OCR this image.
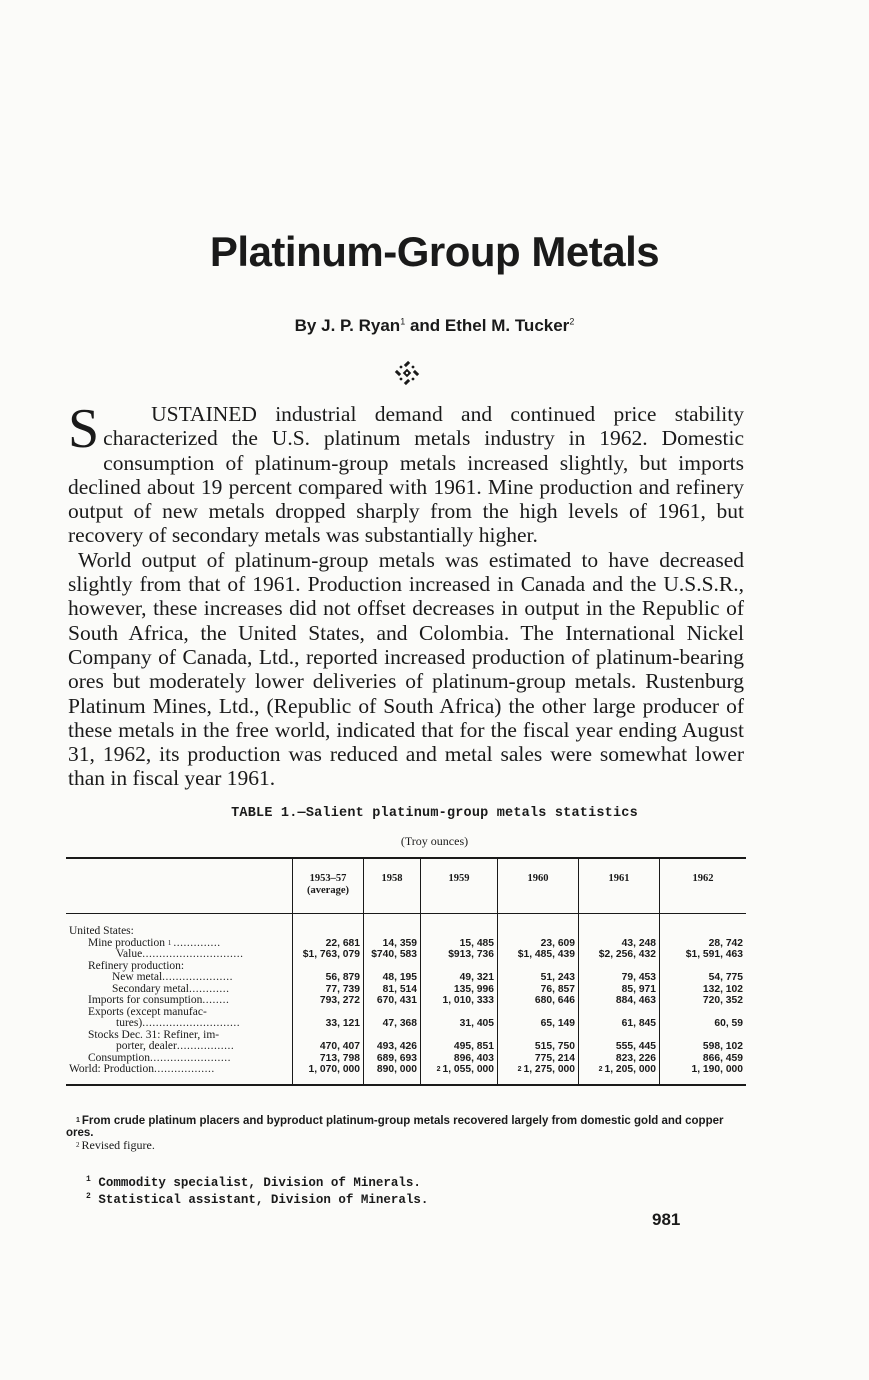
Platinum-Group Metals
By J. P. Ryan$^1$ and Ethel M. Tucker$^2$

S USTAINED industrial demand and continued price stability characterized the U.S. platinum metals industry in 1962. Domestic consumption of platinum-group metals increased slightly, but imports declined about 19 percent compared with 1961. Mine production and refinery output of new metals dropped sharply from the high levels of 1961, but recovery of secondary metals was substantially higher.

World output of platinum-group metals was estimated to have decreased slightly from that of 1961. Production increased in Canada and the U.S.S.R., however, these increases did not offset decreases in output in the Republic of South Africa, the United States, and Colombia. The International Nickel Company of Canada, Ltd., reported increased production of platinum-bearing ores but moderately lower deliveries of platinum-group metals. Rustenburg Platinum Mines, Ltd., (Republic of South Africa) the other large producer of these metals in the free world, indicated that for the fiscal year ending August 31, 1962, its production was reduced and metal sales were somewhat lower than in fiscal year 1961.

TABLE 1.—Salient platinum-group metals statistics
(Troy ounces)
	1953–57 (average)	1958	1959	1960	1961	1962

United States:						
Mine production $^1$ ..............	22, 681	14, 359	15, 485	23, 609	43, 248	28, 742
Value..............................	$1, 763, 079	$740, 583	$913, 736	$1, 485, 439	$2, 256, 432	$1, 591, 463
Refinery production:						
New metal.....................	56, 879	48, 195	49, 321	51, 243	79, 453	54, 775
Secondary metal............	77, 739	81, 514	135, 996	76, 857	85, 971	132, 102
Imports for consumption........	793, 272	670, 431	1, 010, 333	680, 646	884, 463	720, 352
Exports (except manufac-						
tures).............................	33, 121	47, 368	31, 405	65, 149	61, 845	60, 59
Stocks Dec. 31: Refiner, im-						
porter, dealer.................	470, 407	493, 426	495, 851	515, 750	555, 445	598, 102
Consumption........................	713, 798	689, 693	896, 403	775, 214	823, 226	866, 459
World: Production..................	1, 070, 000	890, 000	$^2$ 1, 055, 000	$^2$ 1, 275, 000	$^2$ 1, 205, 000	1, 190, 000

$^1$ From crude platinum placers and byproduct platinum-group metals recovered largely from domestic gold and copper ores.

$^2$ Revised figure.

$^1$ Commodity specialist, Division of Minerals.

$^2$ Statistical assistant, Division of Minerals.

981
